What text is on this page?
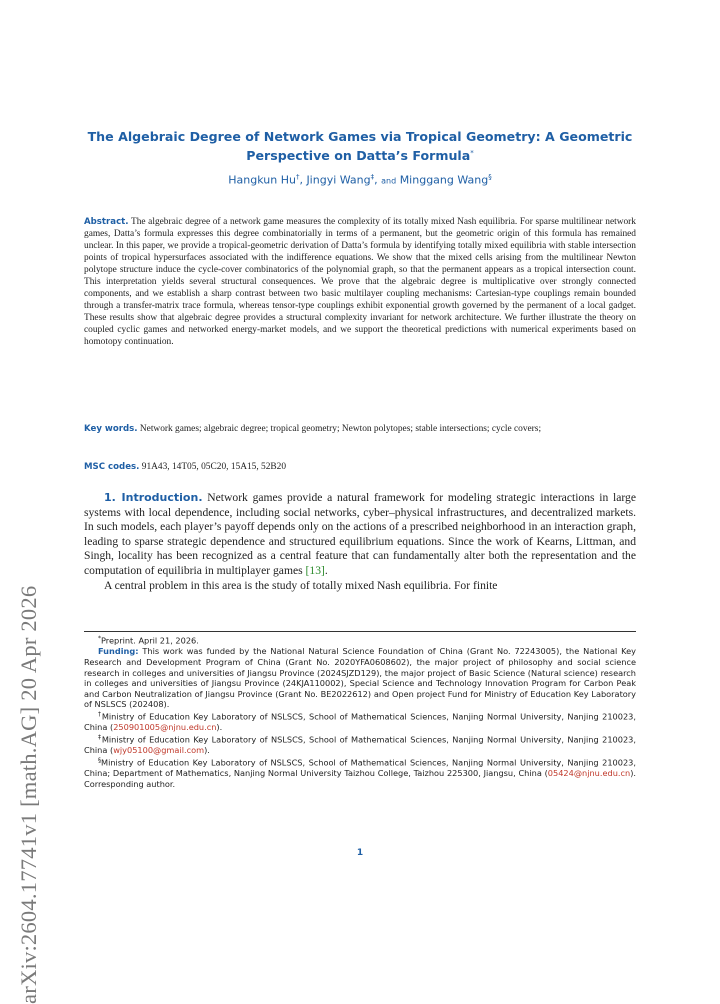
arXiv:2604.17741v1 [math.AG] 20 Apr 2026
The Algebraic Degree of Network Games via Tropical Geometry: A Geometric Perspective on Datta’s Formula*
Hangkun Hu†, Jingyi Wang‡, and Minggang Wang§
Abstract. The algebraic degree of a network game measures the complexity of its totally mixed Nash equilibria. For sparse multilinear network games, Datta’s formula expresses this degree combinatorially in terms of a permanent, but the geometric origin of this formula has remained unclear. In this paper, we provide a tropical-geometric derivation of Datta’s formula by identifying totally mixed equilibria with stable intersection points of tropical hypersurfaces associated with the indifference equations. We show that the mixed cells arising from the multilinear Newton polytope structure induce the cycle-cover combinatorics of the polynomial graph, so that the permanent appears as a tropical intersection count. This interpretation yields several structural consequences. We prove that the algebraic degree is multiplicative over strongly connected components, and we establish a sharp contrast between two basic multilayer coupling mechanisms: Cartesian-type couplings remain bounded through a transfer-matrix trace formula, whereas tensor-type couplings exhibit exponential growth governed by the permanent of a local gadget. These results show that algebraic degree provides a structural complexity invariant for network architecture. We further illustrate the theory on coupled cyclic games and networked energy-market models, and we support the theoretical predictions with numerical experiments based on homotopy continuation.
Key words. Network games; algebraic degree; tropical geometry; Newton polytopes; stable intersections; cycle covers;
MSC codes. 91A43, 14T05, 05C20, 15A15, 52B20

1. Introduction. Network games provide a natural framework for modeling strategic interactions in large systems with local dependence, including social networks, cyber–physical infrastructures, and decentralized markets. In such models, each player’s payoff depends only on the actions of a prescribed neighborhood in an interaction graph, leading to sparse strategic dependence and structured equilibrium equations. Since the work of Kearns, Littman, and Singh, locality has been recognized as a central feature that can fundamentally alter both the representation and the computation of equilibria in multiplayer games [13].

A central problem in this area is the study of totally mixed Nash equilibria. For finite

*Preprint. April 21, 2026.

Funding: This work was funded by the National Natural Science Foundation of China (Grant No. 72243005), the National Key Research and Development Program of China (Grant No. 2020YFA0608602), the major project of philosophy and social science research in colleges and universities of Jiangsu Province (2024SJZD129), the major project of Basic Science (Natural science) research in colleges and universities of Jiangsu Province (24KJA110002), Special Science and Technology Innovation Program for Carbon Peak and Carbon Neutralization of Jiangsu Province (Grant No. BE2022612) and Open project Fund for Ministry of Education Key Laboratory of NSLSCS (202408).

†Ministry of Education Key Laboratory of NSLSCS, School of Mathematical Sciences, Nanjing Normal University, Nanjing 210023, China (250901005@njnu.edu.cn).

‡Ministry of Education Key Laboratory of NSLSCS, School of Mathematical Sciences, Nanjing Normal University, Nanjing 210023, China (wjy05100@gmail.com).

§Ministry of Education Key Laboratory of NSLSCS, School of Mathematical Sciences, Nanjing Normal University, Nanjing 210023, China; Department of Mathematics, Nanjing Normal University Taizhou College, Taizhou 225300, Jiangsu, China (05424@njnu.edu.cn). Corresponding author.

1
